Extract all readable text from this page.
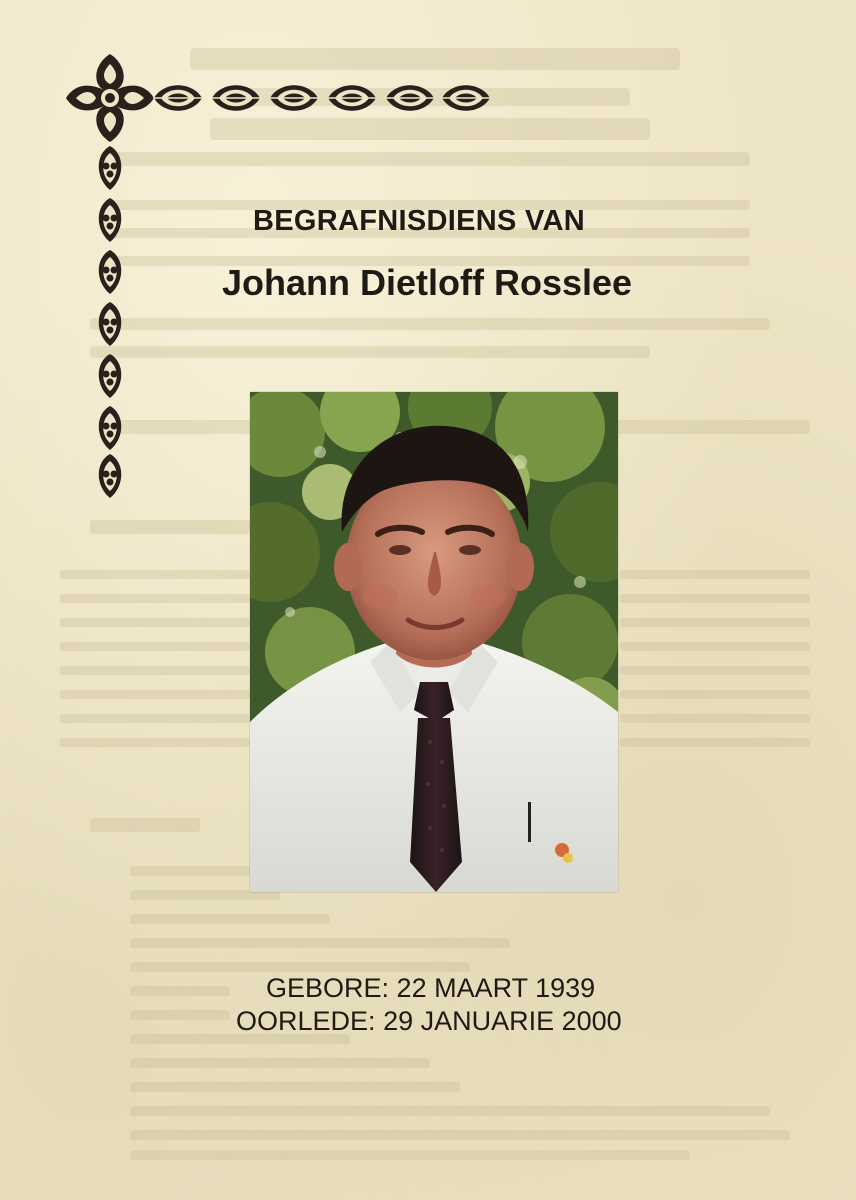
BEGRAFNISDIENS VAN
Johann Dietloff Rosslee
GEBORE: 22 MAART 1939
OORLEDE: 29 JANUARIE 2000
